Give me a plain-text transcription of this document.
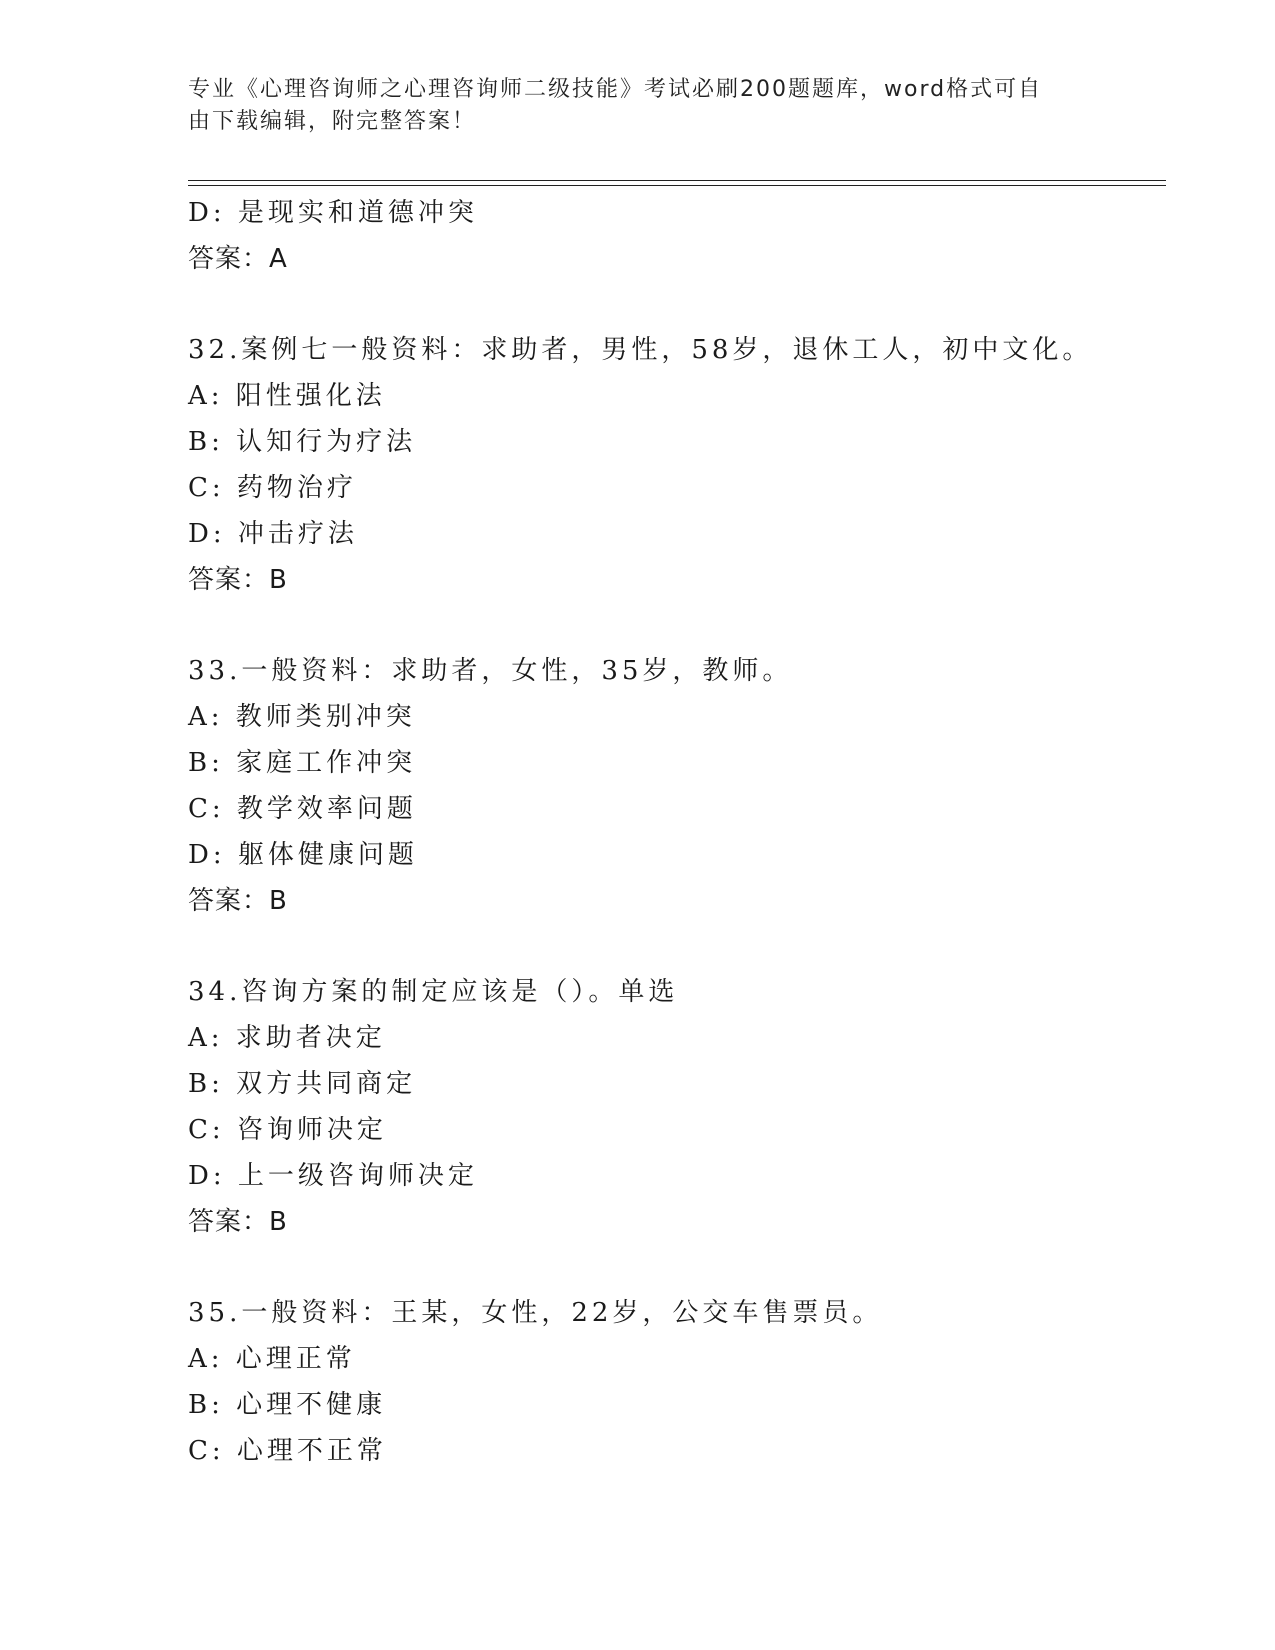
专业《心理咨询师之心理咨询师二级技能》考试必刷200题题库，word格式可自
由下载编辑，附完整答案！
D: 是现实和道德冲突
答案：A
32.案例七一般资料：求助者，男性，58岁，退休工人，初中文化。
A: 阳性强化法
B: 认知行为疗法
C: 药物治疗
D: 冲击疗法
答案：B
33.一般资料：求助者，女性，35岁，教师。
A: 教师类别冲突
B: 家庭工作冲突
C: 教学效率问题
D: 躯体健康问题
答案：B
34.咨询方案的制定应该是（）。单选
A: 求助者决定
B: 双方共同商定
C: 咨询师决定
D: 上一级咨询师决定
答案：B
35.一般资料：王某，女性，22岁，公交车售票员。
A: 心理正常
B: 心理不健康
C: 心理不正常
